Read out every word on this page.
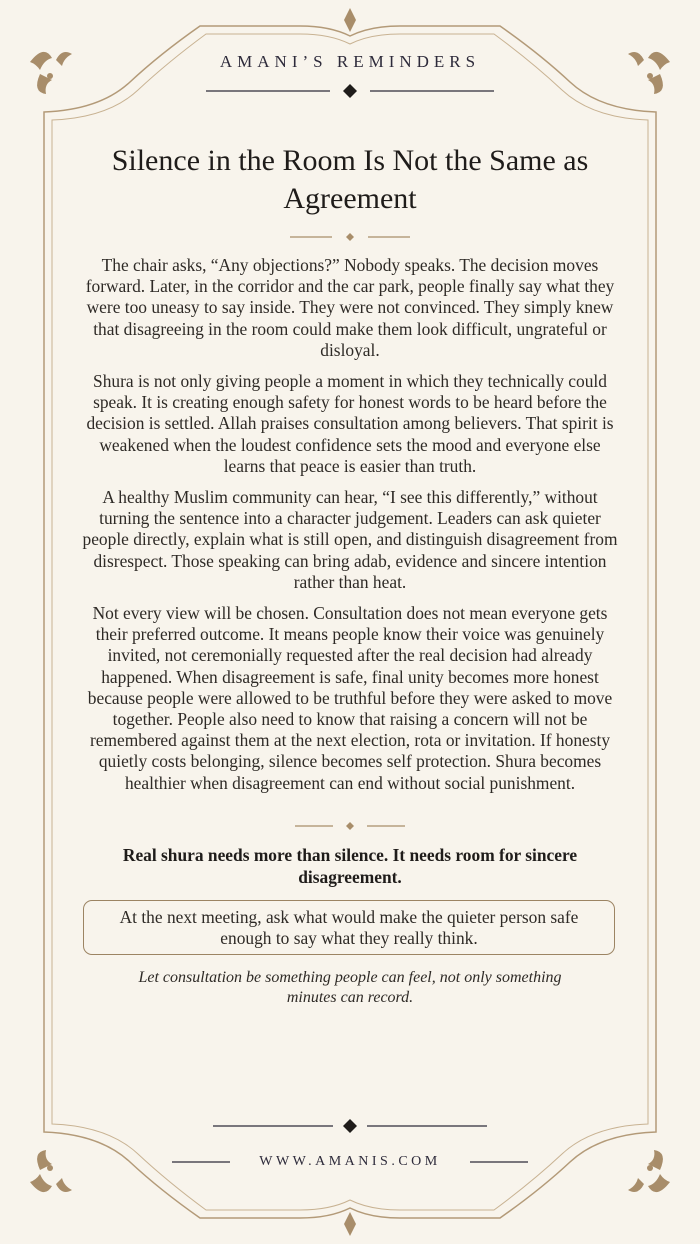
AMANI’S REMINDERS
Silence in the Room Is Not the Same as Agreement

The chair asks, “Any objections?” Nobody speaks. The decision moves forward. Later, in the corridor and the car park, people finally say what they were too uneasy to say inside. They were not convinced. They simply knew that disagreeing in the room could make them look difficult, ungrateful or disloyal.

Shura is not only giving people a moment in which they technically could speak. It is creating enough safety for honest words to be heard before the decision is settled. Allah praises consultation among believers. That spirit is weakened when the loudest confidence sets the mood and everyone else learns that peace is easier than truth.

A healthy Muslim community can hear, “I see this differently,” without turning the sentence into a character judgement. Leaders can ask quieter people directly, explain what is still open, and distinguish disagreement from disrespect. Those speaking can bring adab, evidence and sincere intention rather than heat.

Not every view will be chosen. Consultation does not mean everyone gets their preferred outcome. It means people know their voice was genuinely invited, not ceremonially requested after the real decision had already happened. When disagreement is safe, final unity becomes more honest because people were allowed to be truthful before they were asked to move together. People also need to know that raising a concern will not be remembered against them at the next election, rota or invitation. If honesty quietly costs belonging, silence becomes self protection. Shura becomes healthier when disagreement can end without social punishment.

Real shura needs more than silence. It needs room for sincere disagreement.

At the next meeting, ask what would make the quieter person safe enough to say what they really think.

Let consultation be something people can feel, not only something minutes can record.

WWW.AMANIS.COM
